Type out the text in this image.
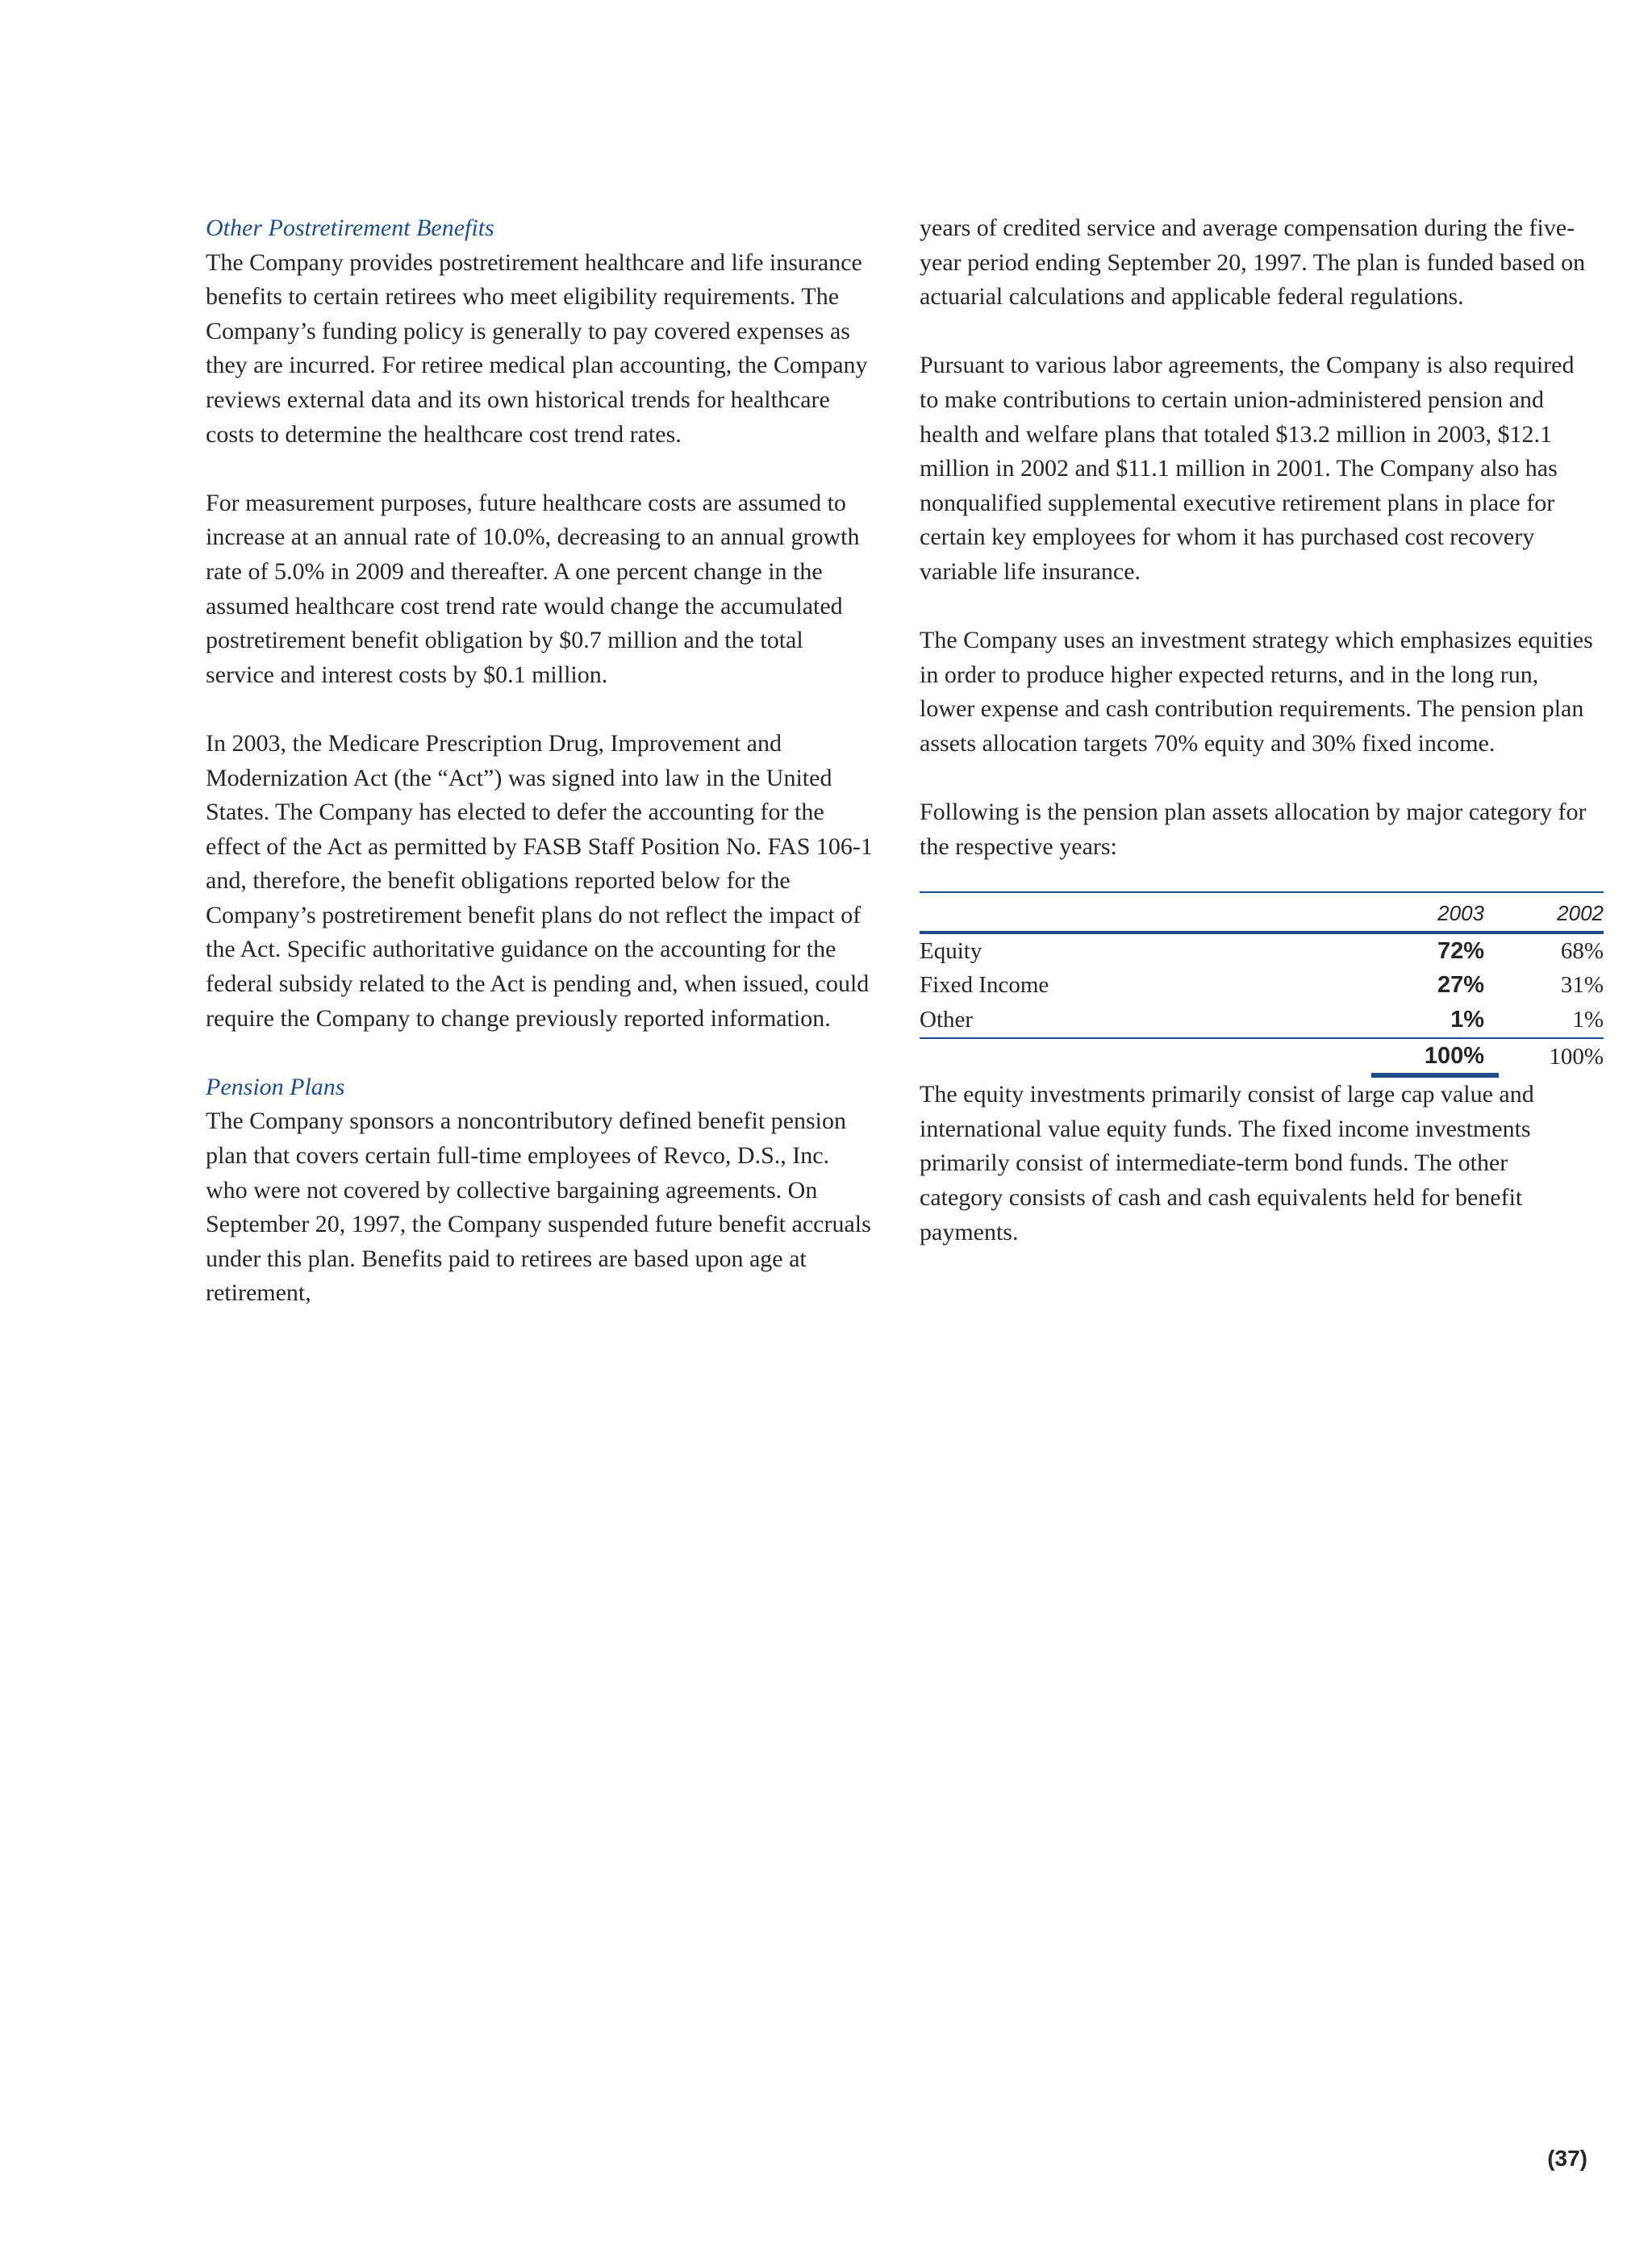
Other Postretirement Benefits

The Company provides postretirement healthcare and life insurance benefits to certain retirees who meet eligibility requirements. The Company’s funding policy is generally to pay covered expenses as they are incurred. For retiree medical plan accounting, the Company reviews external data and its own historical trends for healthcare costs to determine the healthcare cost trend rates.

For measurement purposes, future healthcare costs are assumed to increase at an annual rate of 10.0%, decreasing to an annual growth rate of 5.0% in 2009 and thereafter. A one percent change in the assumed healthcare cost trend rate would change the accumulated postretirement benefit obligation by $0.7 million and the total service and interest costs by $0.1 million.

In 2003, the Medicare Prescription Drug, Improvement and Modernization Act (the “Act”) was signed into law in the United States. The Company has elected to defer the accounting for the effect of the Act as permitted by FASB Staff Position No. FAS 106-1 and, therefore, the benefit obligations reported below for the Company’s postretirement benefit plans do not reflect the impact of the Act. Specific authoritative guidance on the accounting for the federal subsidy related to the Act is pending and, when issued, could require the Company to change previously reported information.

Pension Plans

The Company sponsors a noncontributory defined benefit pension plan that covers certain full-time employees of Revco, D.S., Inc. who were not covered by collective bargaining agreements. On September 20, 1997, the Company suspended future benefit accruals under this plan. Benefits paid to retirees are based upon age at retirement,

years of credited service and average compensation during the five-year period ending September 20, 1997. The plan is funded based on actuarial calculations and applicable federal regulations.

Pursuant to various labor agreements, the Company is also required to make contributions to certain union-administered pension and health and welfare plans that totaled $13.2 million in 2003, $12.1 million in 2002 and $11.1 million in 2001. The Company also has nonqualified supplemental executive retirement plans in place for certain key employees for whom it has purchased cost recovery variable life insurance.

The Company uses an investment strategy which emphasizes equities in order to produce higher expected returns, and in the long run, lower expense and cash contribution requirements. The pension plan assets allocation targets 70% equity and 30% fixed income.

Following is the pension plan assets allocation by major category for the respective years:

	2003	2002
Equity	72%	68%
Fixed Income	27%	31%
Other	1%	1%
	100%	100%

The equity investments primarily consist of large cap value and international value equity funds. The fixed income investments primarily consist of intermediate-term bond funds. The other category consists of cash and cash equivalents held for benefit payments.

(37)
